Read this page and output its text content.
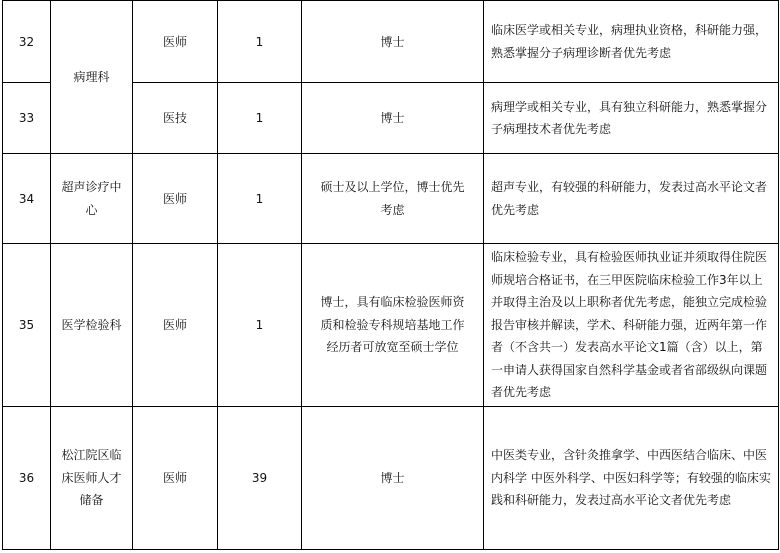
32	病理科	医师	1	博士	临床医学或相关专业，病理执业资格，科研能力强，熟悉掌握分子病理诊断者优先考虑
33		医技	1	博士	病理学或相关专业，具有独立科研能力，熟悉掌握分子病理技术者优先考虑
34	超声诊疗中心	医师	1	硕士及以上学位，博士优先考虑	超声专业，有较强的科研能力，发表过高水平论文者优先考虑
35	医学检验科	医师	1	博士，具有临床检验医师资质和检验专科规培基地工作经历者可放宽至硕士学位	临床检验专业，具有检验医师执业证并须取得住院医师规培合格证书，在三甲医院临床检验工作3年以上并取得主治及以上职称者优先考虑，能独立完成检验报告审核并解读，学术、科研能力强，近两年第一作者（不含共一）发表高水平论文1篇（含）以上，第一申请人获得国家自然科学基金或者省部级纵向课题者优先考虑
36	松江院区临床医师人才储备	医师	39	博士	中医类专业，含针灸推拿学、中西医结合临床、中医内科学 中医外科学、中医妇科学等；有较强的临床实践和科研能力，发表过高水平论文者优先考虑
